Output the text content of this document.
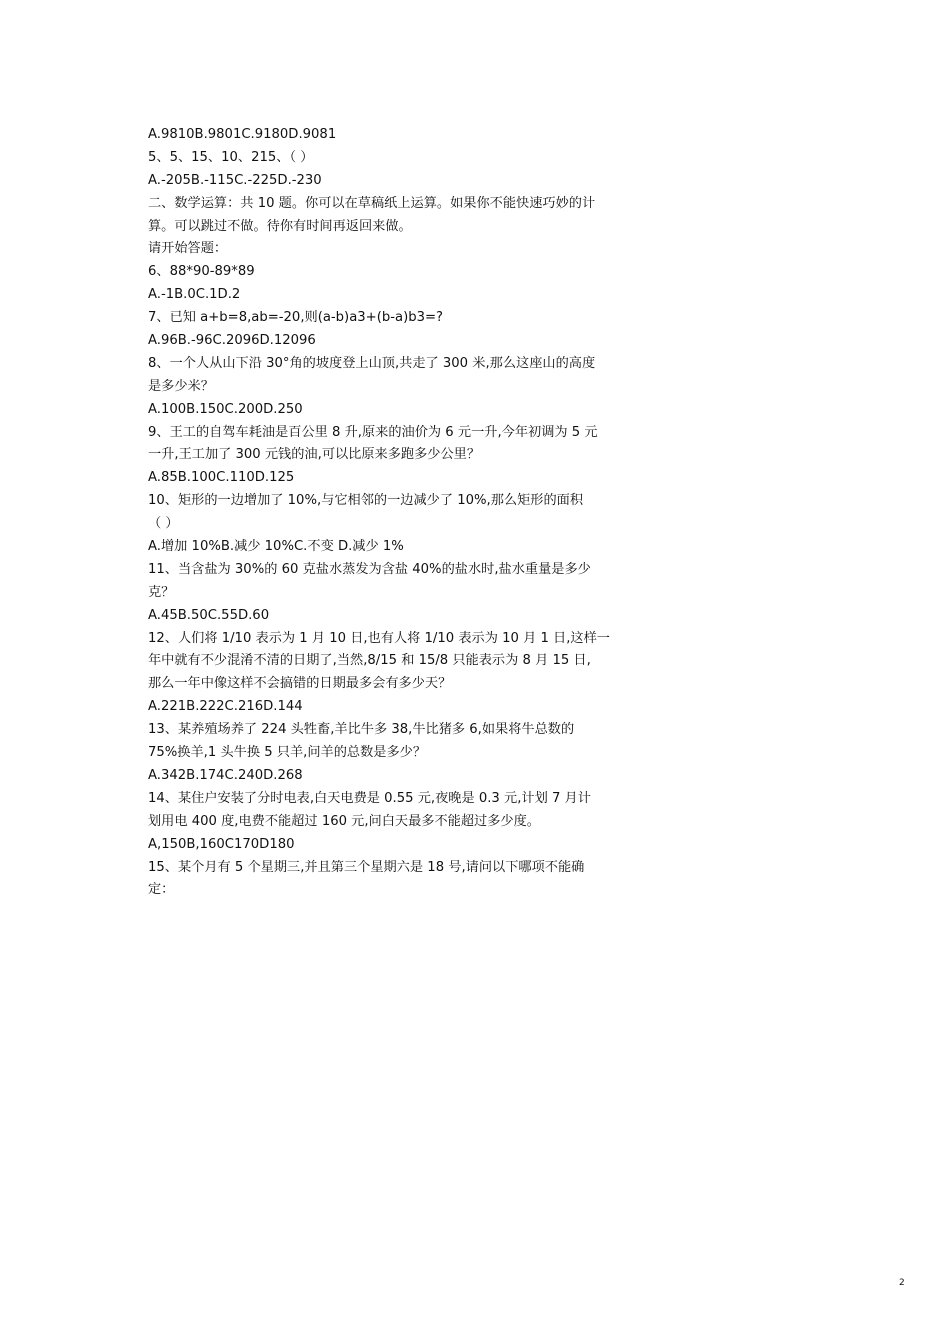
A.9810B.9801C.9180D.9081
5、5、15、10、215、（ ）
A.-205B.-115C.-225D.-230
二、数学运算：共 10 题。你可以在草稿纸上运算。如果你不能快速巧妙的计
算。可以跳过不做。待你有时间再返回来做。
请开始答题：
6、88*90-89*89
A.-1B.0C.1D.2
7、已知 a+b=8,ab=-20,则(a-b)a3+(b-a)b3=?
A.96B.-96C.2096D.12096
8、一个人从山下沿 30°角的坡度登上山顶,共走了 300 米,那么这座山的高度
是多少米？
A.100B.150C.200D.250
9、王工的自驾车耗油是百公里 8 升,原来的油价为 6 元一升,今年初调为 5 元
一升,王工加了 300 元钱的油,可以比原来多跑多少公里？
A.85B.100C.110D.125
10、矩形的一边增加了 10%,与它相邻的一边减少了 10%,那么矩形的面积
（ ）
A.增加 10%B.减少 10%C.不变 D.减少 1%
11、当含盐为 30%的 60 克盐水蒸发为含盐 40%的盐水时,盐水重量是多少
克？
A.45B.50C.55D.60
12、人们将 1/10 表示为 1 月 10 日,也有人将 1/10 表示为 10 月 1 日,这样一
年中就有不少混淆不清的日期了,当然,8/15 和 15/8 只能表示为 8 月 15 日,
那么一年中像这样不会搞错的日期最多会有多少天？
A.221B.222C.216D.144
13、某养殖场养了 224 头牲畜,羊比牛多 38,牛比猪多 6,如果将牛总数的
75%换羊,1 头牛换 5 只羊,问羊的总数是多少？
A.342B.174C.240D.268
14、某住户安装了分时电表,白天电费是 0.55 元,夜晚是 0.3 元,计划 7 月计
划用电 400 度,电费不能超过 160 元,问白天最多不能超过多少度。
A,150B,160C170D180
15、某个月有 5 个星期三,并且第三个星期六是 18 号,请问以下哪项不能确
定：
2
